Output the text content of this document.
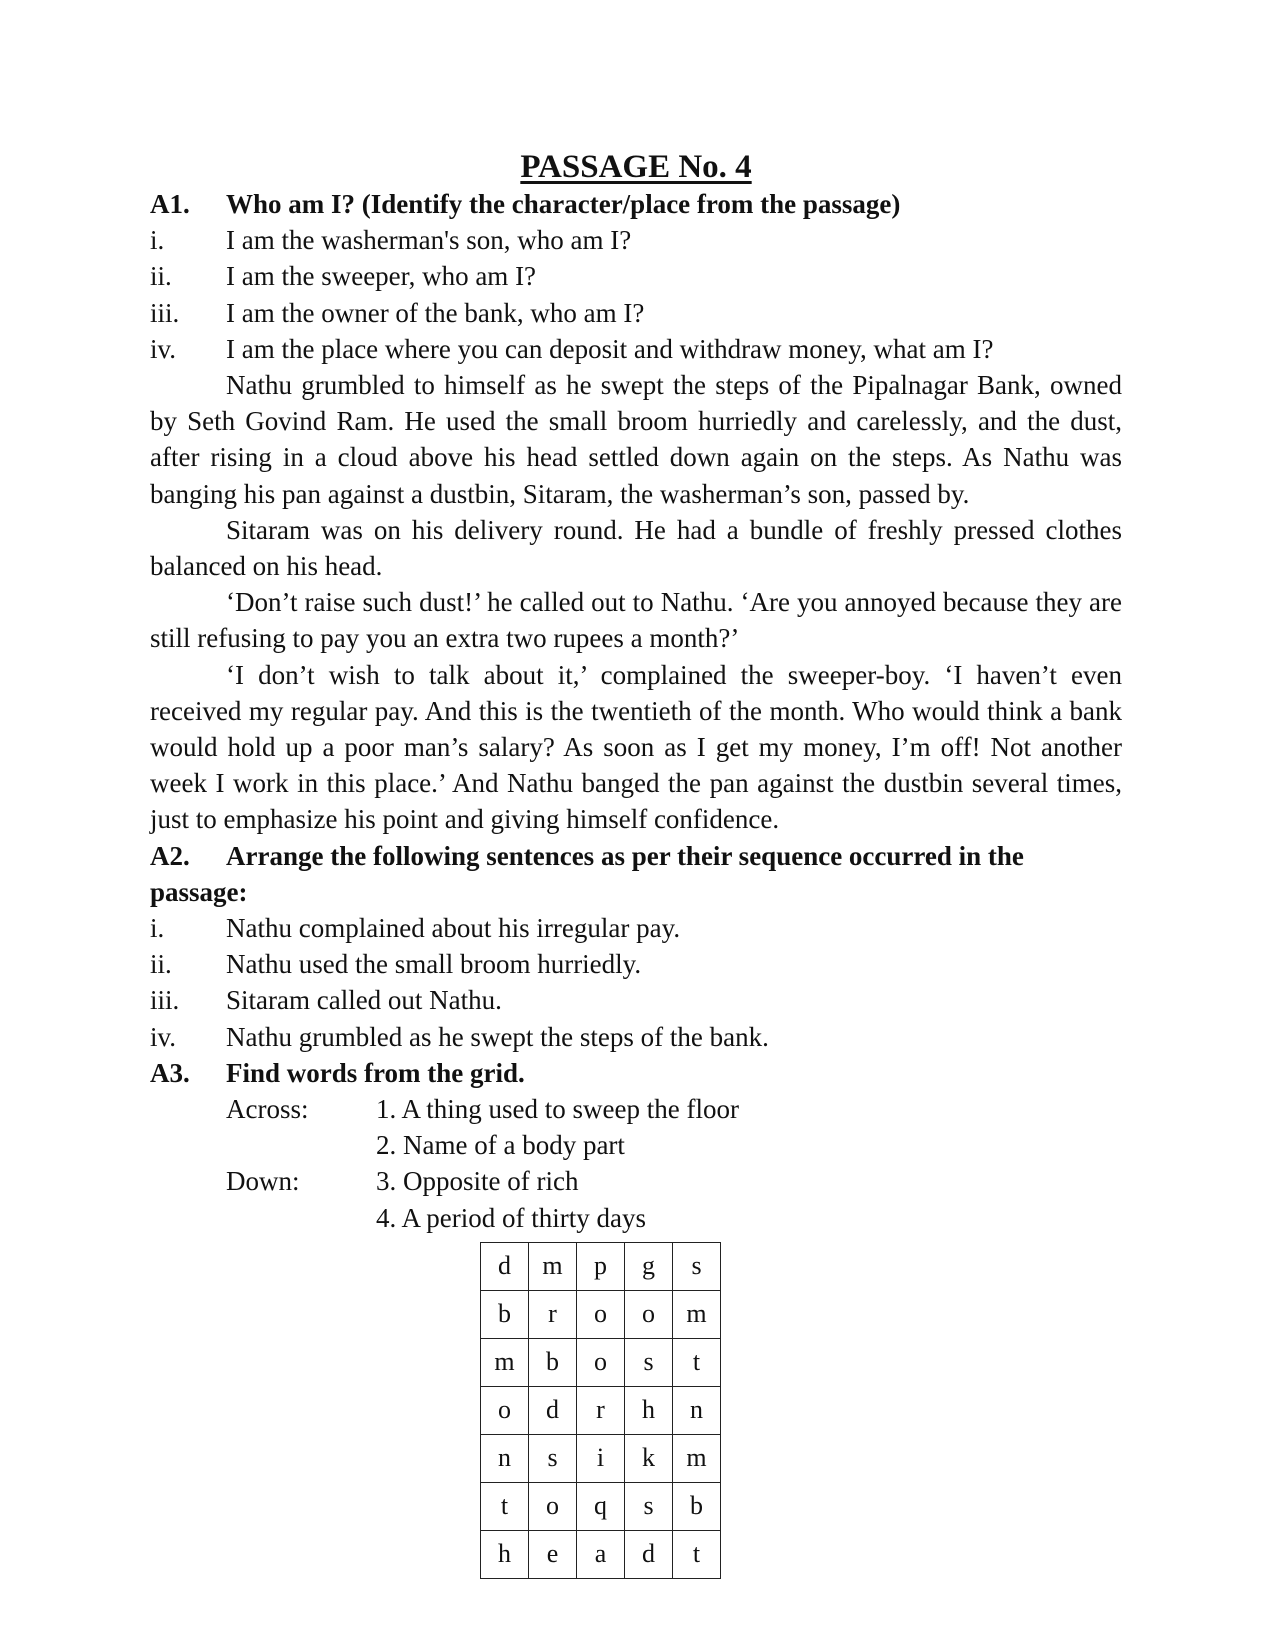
PASSAGE No. 4

A1.	Who am I? (Identify the character/place from the passage)
i.	I am the washerman's son, who am I?
ii.	I am the sweeper, who am I?
iii.	I am the owner of the bank, who am I?
iv.	I am the place where you can deposit and withdraw money, what am I?

Nathu grumbled to himself as he swept the steps of the Pipalnagar Bank, owned by Seth Govind Ram. He used the small broom hurriedly and carelessly, and the dust, after rising in a cloud above his head settled down again on the steps. As Nathu was banging his pan against a dustbin, Sitaram, the washerman’s son, passed by.

Sitaram was on his delivery round. He had a bundle of freshly pressed clothes balanced on his head.

‘Don’t raise such dust!’ he called out to Nathu. ‘Are you annoyed because they are still refusing to pay you an extra two rupees a month?’

‘I don’t wish to talk about it,’ complained the sweeper-boy. ‘I haven’t even received my regular pay. And this is the twentieth of the month. Who would think a bank would hold up a poor man’s salary? As soon as I get my money, I’m off! Not another week I work in this place.’ And Nathu banged the pan against the dustbin several times, just to emphasize his point and giving himself confidence.

A2. Arrange the following sentences as per their sequence occurred in the passage:
i.	Nathu complained about his irregular pay.
ii.	Nathu used the small broom hurriedly.
iii.	Sitaram called out Nathu.
iv.	Nathu grumbled as he swept the steps of the bank.
A3.	Find words from the grid.
Across:	1. A thing used to sweep the floor
2. Name of a body part
Down:	3. Opposite of rich
4. A period of thirty days
d	m	p	g	s
b	r	o	o	m
m	b	o	s	t
o	d	r	h	n
n	s	i	k	m
t	o	q	s	b
h	e	a	d	t
